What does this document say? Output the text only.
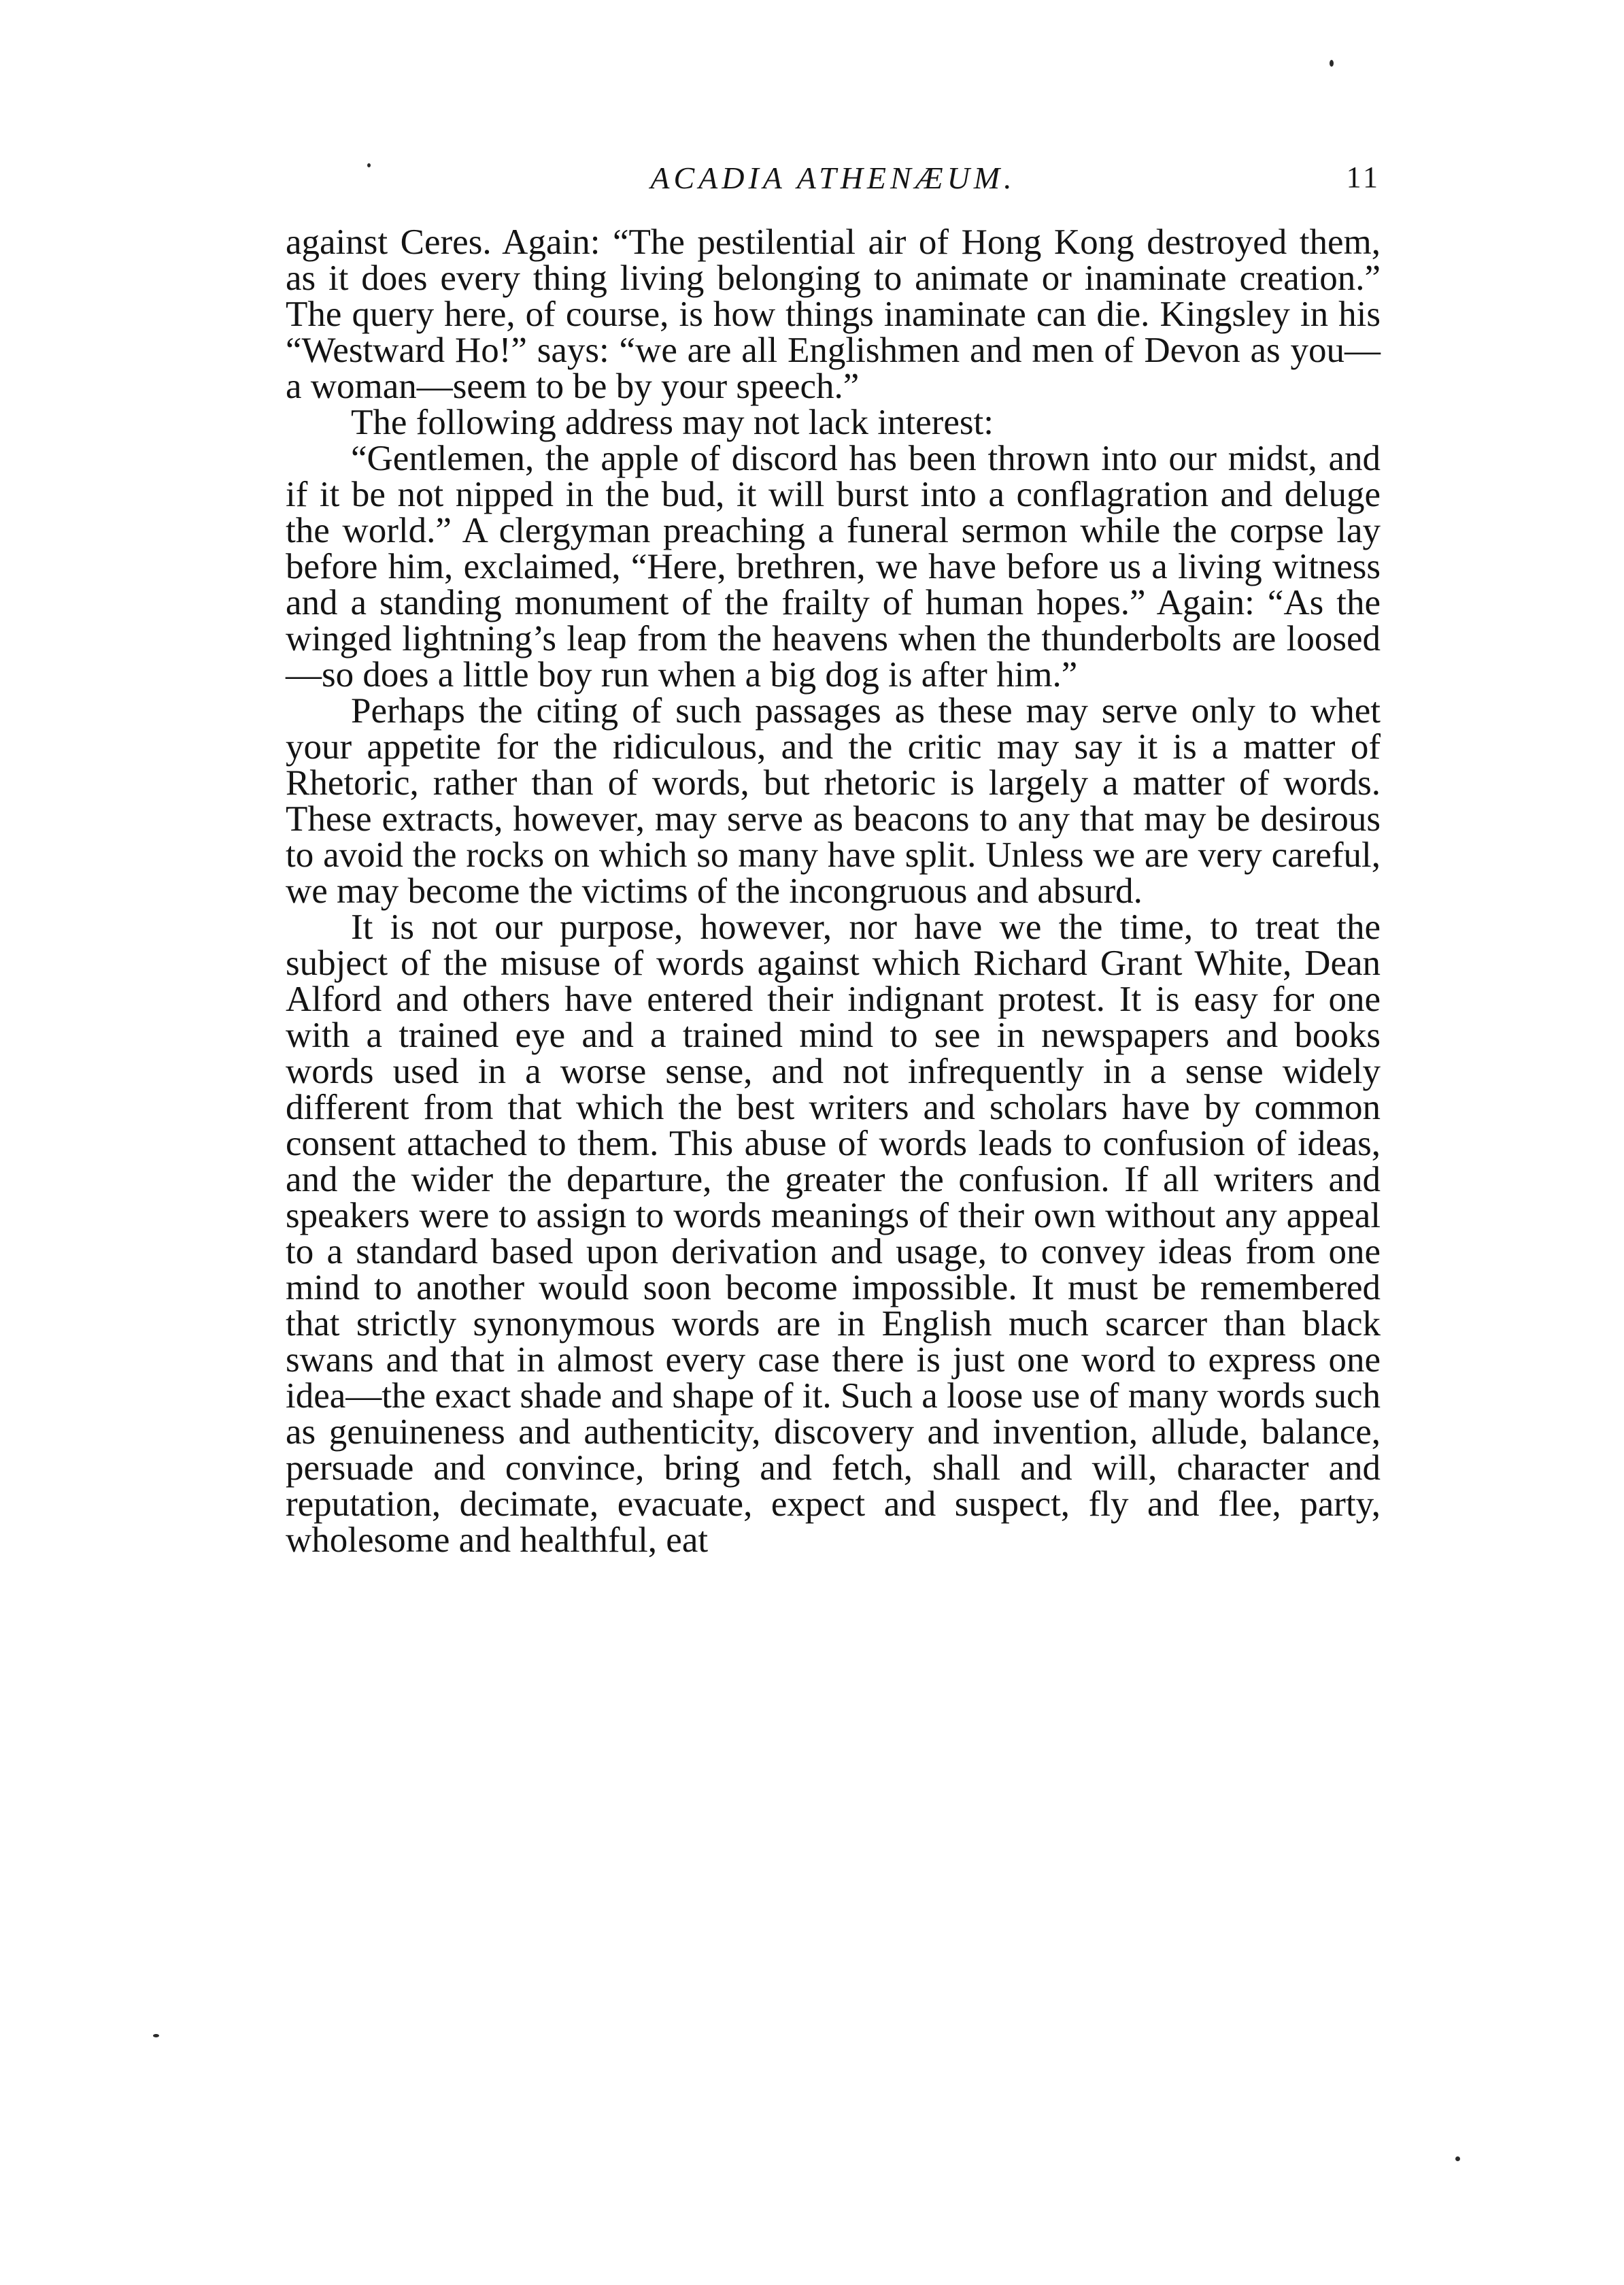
ACADIA ATHENÆUM.	11

against Ceres. Again: “The pestilential air of Hong Kong destroyed them, as it does every thing living belonging to animate or inaminate creation.” The query here, of course, is how things inaminate can die. Kingsley in his “Westward Ho!” says: “we are all Englishmen and men of Devon as you—a woman—seem to be by your speech.”

The following address may not lack interest:

“Gentlemen, the apple of discord has been thrown into our midst, and if it be not nipped in the bud, it will burst into a conflagration and deluge the world.” A clergyman preaching a funeral sermon while the corpse lay before him, exclaimed, “Here, brethren, we have before us a living witness and a standing monument of the frailty of human hopes.” Again: “As the winged lightning’s leap from the heavens when the thunderbolts are loosed—so does a little boy run when a big dog is after him.”

Perhaps the citing of such passages as these may serve only to whet your appetite for the ridiculous, and the critic may say it is a matter of Rhetoric, rather than of words, but rhetoric is largely a matter of words. These extracts, however, may serve as beacons to any that may be desirous to avoid the rocks on which so many have split. Unless we are very careful, we may become the victims of the incongruous and absurd.

It is not our purpose, however, nor have we the time, to treat the subject of the misuse of words against which Richard Grant White, Dean Alford and others have entered their indignant protest. It is easy for one with a trained eye and a trained mind to see in newspapers and books words used in a worse sense, and not infrequently in a sense widely different from that which the best writers and scholars have by common consent attached to them. This abuse of words leads to confusion of ideas, and the wider the departure, the greater the confusion. If all writers and speakers were to assign to words meanings of their own without any appeal to a standard based upon derivation and usage, to convey ideas from one mind to another would soon become impossible. It must be remembered that strictly synonymous words are in English much scarcer than black swans and that in almost every case there is just one word to express one idea—the exact shade and shape of it. Such a loose use of many words such as genuineness and authenticity, discovery and invention, allude, balance, persuade and convince, bring and fetch, shall and will, character and reputation, decimate, evacuate, expect and suspect, fly and flee, party, wholesome and healthful, eat
